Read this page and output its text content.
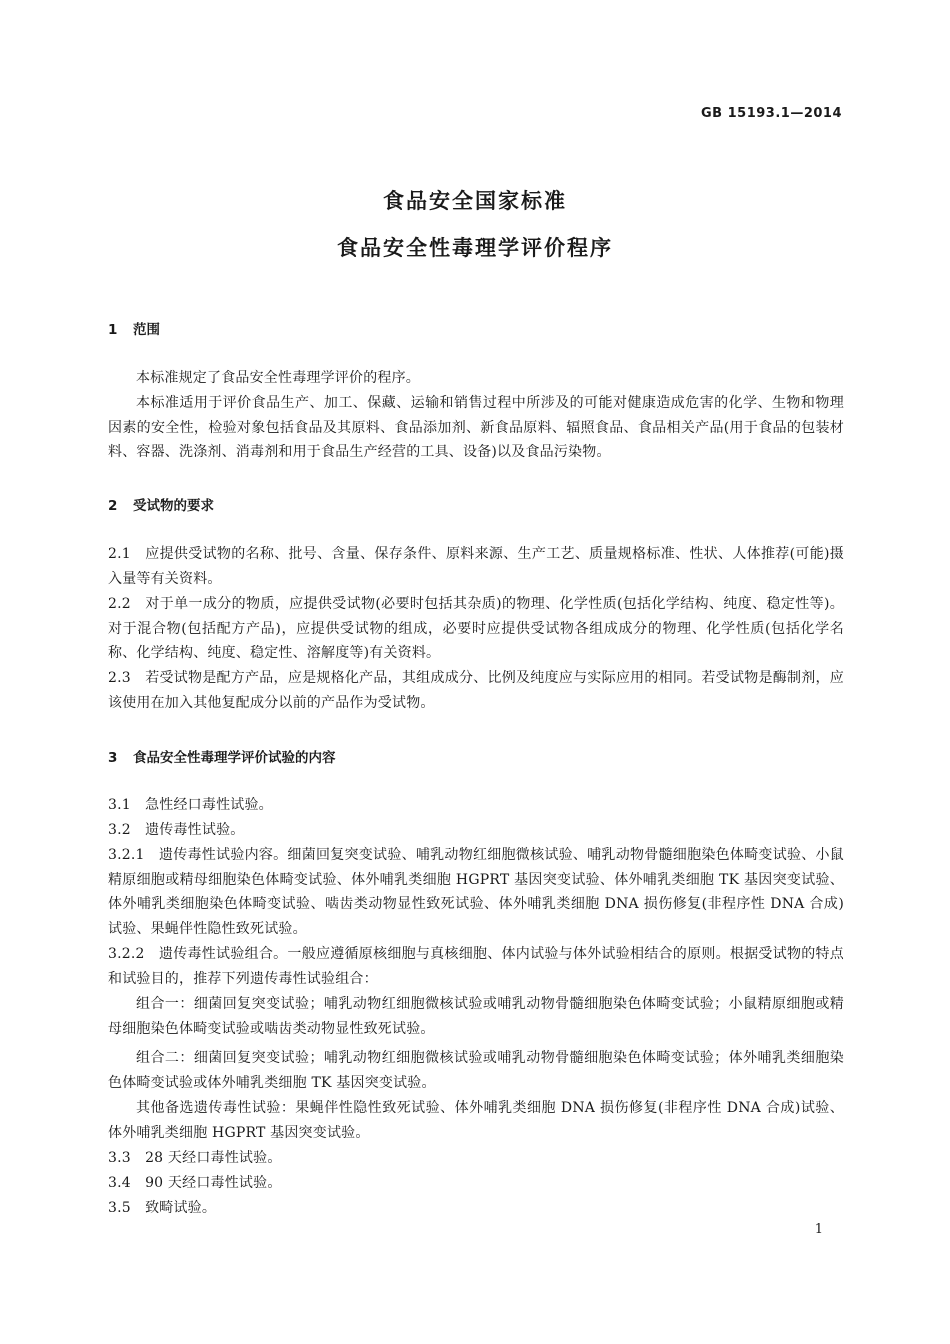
GB 15193.1—2014
食品安全国家标准
食品安全性毒理学评价程序
1 范围
本标准规定了食品安全性毒理学评价的程序。
本标准适用于评价食品生产、加工、保藏、运输和销售过程中所涉及的可能对健康造成危害的化学、生物和物理因素的安全性，检验对象包括食品及其原料、食品添加剂、新食品原料、辐照食品、食品相关产品(用于食品的包装材料、容器、洗涤剂、消毒剂和用于食品生产经营的工具、设备)以及食品污染物。
2 受试物的要求
2.1　应提供受试物的名称、批号、含量、保存条件、原料来源、生产工艺、质量规格标准、性状、人体推荐(可能)摄入量等有关资料。
2.2　对于单一成分的物质，应提供受试物(必要时包括其杂质)的物理、化学性质(包括化学结构、纯度、稳定性等)。对于混合物(包括配方产品)，应提供受试物的组成，必要时应提供受试物各组成成分的物理、化学性质(包括化学名称、化学结构、纯度、稳定性、溶解度等)有关资料。
2.3　若受试物是配方产品，应是规格化产品，其组成成分、比例及纯度应与实际应用的相同。若受试物是酶制剂，应该使用在加入其他复配成分以前的产品作为受试物。
3 食品安全性毒理学评价试验的内容
3.1　急性经口毒性试验。
3.2　遗传毒性试验。
3.2.1　遗传毒性试验内容。细菌回复突变试验、哺乳动物红细胞微核试验、哺乳动物骨髓细胞染色体畸变试验、小鼠精原细胞或精母细胞染色体畸变试验、体外哺乳类细胞 HGPRT 基因突变试验、体外哺乳类细胞 TK 基因突变试验、体外哺乳类细胞染色体畸变试验、啮齿类动物显性致死试验、体外哺乳类细胞 DNA 损伤修复(非程序性 DNA 合成)试验、果蝇伴性隐性致死试验。
3.2.2　遗传毒性试验组合。一般应遵循原核细胞与真核细胞、体内试验与体外试验相结合的原则。根据受试物的特点和试验目的，推荐下列遗传毒性试验组合：
组合一：细菌回复突变试验；哺乳动物红细胞微核试验或哺乳动物骨髓细胞染色体畸变试验；小鼠精原细胞或精母细胞染色体畸变试验或啮齿类动物显性致死试验。
组合二：细菌回复突变试验；哺乳动物红细胞微核试验或哺乳动物骨髓细胞染色体畸变试验；体外哺乳类细胞染色体畸变试验或体外哺乳类细胞 TK 基因突变试验。
其他备选遗传毒性试验：果蝇伴性隐性致死试验、体外哺乳类细胞 DNA 损伤修复(非程序性 DNA 合成)试验、体外哺乳类细胞 HGPRT 基因突变试验。
3.3　28 天经口毒性试验。
3.4　90 天经口毒性试验。
3.5　致畸试验。
1
